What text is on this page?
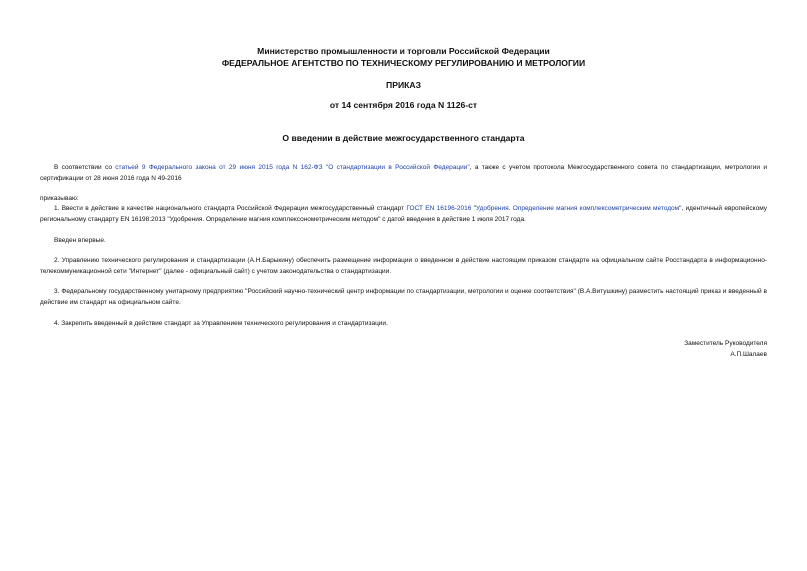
Министерство промышленности и торговли Российской Федерации
ФЕДЕРАЛЬНОЕ АГЕНТСТВО ПО ТЕХНИЧЕСКОМУ РЕГУЛИРОВАНИЮ И МЕТРОЛОГИИ
ПРИКАЗ
от 14 сентября 2016 года N 1126-ст
О введении в действие межгосударственного стандарта
В соответствии со статьей 9 Федерального закона от 29 июня 2015 года N 162-ФЗ "О стандартизации в Российской Федерации", а также с учетом протокола Межгосударственного совета по стандартизации, метрологии и сертификации от 28 июня 2016 года N 49-2016
приказываю:
1. Ввести в действие в качестве национального стандарта Российской Федерации межгосударственный стандарт ГОСТ EN 16196-2016 "Удобрения. Определение магния комплексометрическим методом", идентичный европейскому региональному стандарту EN 16198:2013 "Удобрения. Определение магния комплексонометрическим методом" с датой введения в действие 1 июля 2017 года.
Введен впервые.
2. Управлению технического регулирования и стандартизации (А.Н.Барыкину) обеспечить размещение информации о введенном в действие настоящим приказом стандарте на официальном сайте Росстандарта в информационно-телекоммуникационной сети "Интернет" (далее - официальный сайт) с учетом законодательства о стандартизации.
3. Федеральному государственному унитарному предприятию "Российский научно-технический центр информации по стандартизации, метрологии и оценке соответствия" (В.А.Витушкину) разместить настоящий приказ и введенный в действие им стандарт на официальном сайте.
4. Закрепить введенный в действие стандарт за Управлением технического регулирования и стандартизации.
Заместитель Руководителя
А.П.Шалаев
